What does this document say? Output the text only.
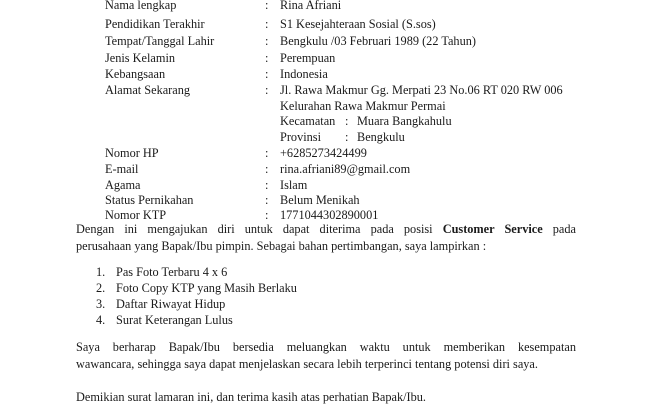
Nama lengkap	: Rina Afriani
Pendidikan Terakhir	: S1 Kesejahteraan Sosial (S.sos)
Tempat/Tanggal Lahir	: Bengkulu /03 Februari 1989 (22 Tahun)
Jenis Kelamin	: Perempuan
Kebangsaan	: Indonesia
Alamat Sekarang	: Jl. Rawa Makmur Gg. Merpati 23 No.06 RT 020 RW 006
Kelurahan Rawa Makmur Permai
Kecamatan : Muara Bangkahulu
Provinsi : Bengkulu
Nomor HP	: +6285273424499
E-mail	: rina.afriani89@gmail.com
Agama	: Islam
Status Pernikahan	: Belum Menikah
Nomor KTP	: 1771044302890001
Dengan ini mengajukan diri untuk dapat diterima pada posisi Customer Service pada
perusahaan yang Bapak/Ibu pimpin. Sebagai bahan pertimbangan, saya lampirkan :
1. Pas Foto Terbaru 4 x 6
2. Foto Copy KTP yang Masih Berlaku
3. Daftar Riwayat Hidup
4. Surat Keterangan Lulus
Saya berharap Bapak/Ibu bersedia meluangkan waktu untuk memberikan kesempatan
wawancara, sehingga saya dapat menjelaskan secara lebih terperinci tentang potensi diri saya.
Demikian surat lamaran ini, dan terima kasih atas perhatian Bapak/Ibu.
